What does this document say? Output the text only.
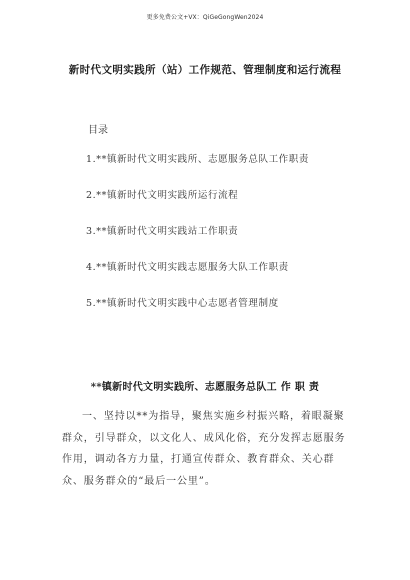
更多免费公文+VX：QiGeGongWen2024
新时代文明实践所（站）工作规范、管理制度和运行流程
目录
1.**镇新时代文明实践所、志愿服务总队工作职责
2.**镇新时代文明实践所运行流程
3.**镇新时代文明实践站工作职责
4.**镇新时代文明实践志愿服务大队工作职责
5.**镇新时代文明实践中心志愿者管理制度
**镇新时代文明实践所、志愿服务总队工 作 职 责

一、坚持以**为指导，聚焦实施乡村振兴略，着眼凝聚群众，引导群众，以文化人、成风化俗，充分发挥志愿服务作用，调动各方力量，打通宣传群众、教育群众、关心群众、服务群众的“最后一公里”。
